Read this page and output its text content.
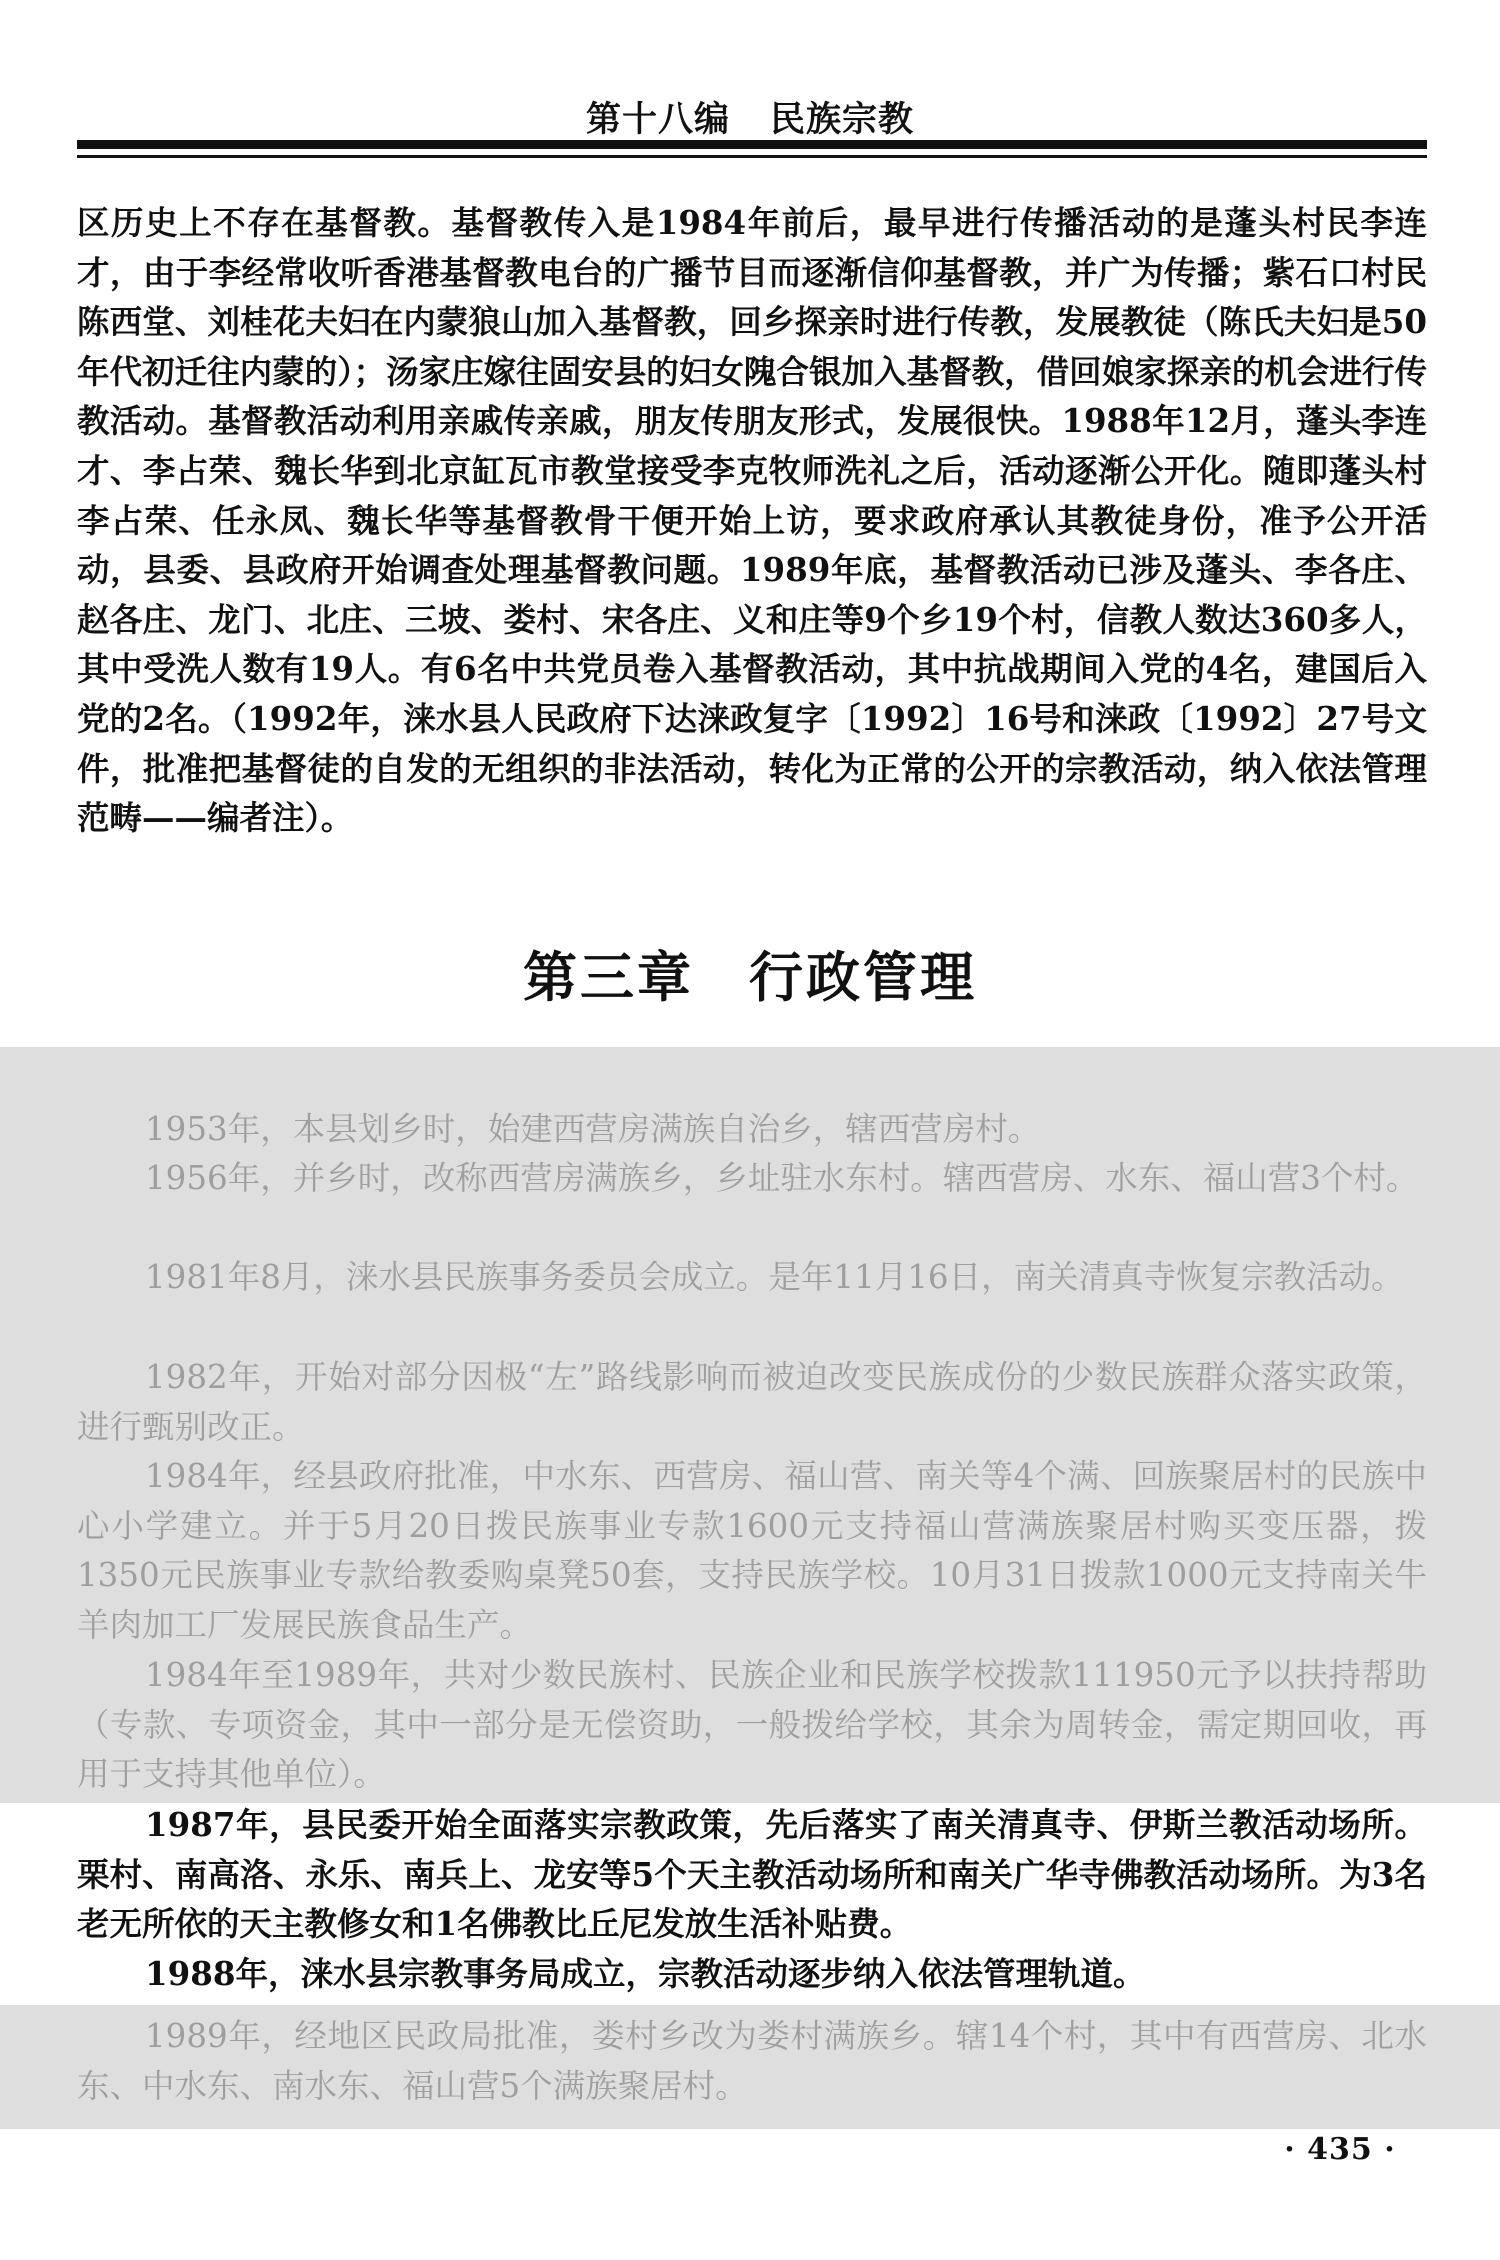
第十八编 民族宗教
区历史上不存在基督教。基督教传入是1984年前后，最早进行传播活动的是蓬头村民李连才，由于李经常收听香港基督教电台的广播节目而逐渐信仰基督教，并广为传播；紫石口村民陈西堂、刘桂花夫妇在内蒙狼山加入基督教，回乡探亲时进行传教，发展教徒（陈氏夫妇是50年代初迁往内蒙的）；汤家庄嫁往固安县的妇女隗合银加入基督教，借回娘家探亲的机会进行传教活动。基督教活动利用亲戚传亲戚，朋友传朋友形式，发展很快。1988年12月，蓬头李连才、李占荣、魏长华到北京缸瓦市教堂接受李克牧师洗礼之后，活动逐渐公开化。随即蓬头村李占荣、任永凤、魏长华等基督教骨干便开始上访，要求政府承认其教徒身份，准予公开活动，县委、县政府开始调查处理基督教问题。1989年底，基督教活动已涉及蓬头、李各庄、赵各庄、龙门、北庄、三坡、娄村、宋各庄、义和庄等9个乡19个村，信教人数达360多人，其中受洗人数有19人。有6名中共党员卷入基督教活动，其中抗战期间入党的4名，建国后入党的2名。（1992年，涞水县人民政府下达涞政复字〔1992〕16号和涞政〔1992〕27号文件，批准把基督徒的自发的无组织的非法活动，转化为正常的公开的宗教活动，纳入依法管理范畴——编者注）。
第三章 行政管理
1953年，本县划乡时，始建西营房满族自治乡，辖西营房村。
1956年，并乡时，改称西营房满族乡，乡址驻水东村。辖西营房、水东、福山营3个村。
1981年8月，涞水县民族事务委员会成立。是年11月16日，南关清真寺恢复宗教活动。
1982年，开始对部分因极“左”路线影响而被迫改变民族成份的少数民族群众落实政策，进行甄别改正。
1984年，经县政府批准，中水东、西营房、福山营、南关等4个满、回族聚居村的民族中心小学建立。并于5月20日拨民族事业专款1600元支持福山营满族聚居村购买变压器，拨1350元民族事业专款给教委购桌凳50套，支持民族学校。10月31日拨款1000元支持南关牛羊肉加工厂发展民族食品生产。
1984年至1989年，共对少数民族村、民族企业和民族学校拨款111950元予以扶持帮助（专款、专项资金，其中一部分是无偿资助，一般拨给学校，其余为周转金，需定期回收，再用于支持其他单位）。
1987年，县民委开始全面落实宗教政策，先后落实了南关清真寺、伊斯兰教活动场所。栗村、南高洛、永乐、南兵上、龙安等5个天主教活动场所和南关广华寺佛教活动场所。为3名老无所依的天主教修女和1名佛教比丘尼发放生活补贴费。
1988年，涞水县宗教事务局成立，宗教活动逐步纳入依法管理轨道。
1989年，经地区民政局批准，娄村乡改为娄村满族乡。辖14个村，其中有西营房、北水东、中水东、南水东、福山营5个满族聚居村。
· 435 ·
